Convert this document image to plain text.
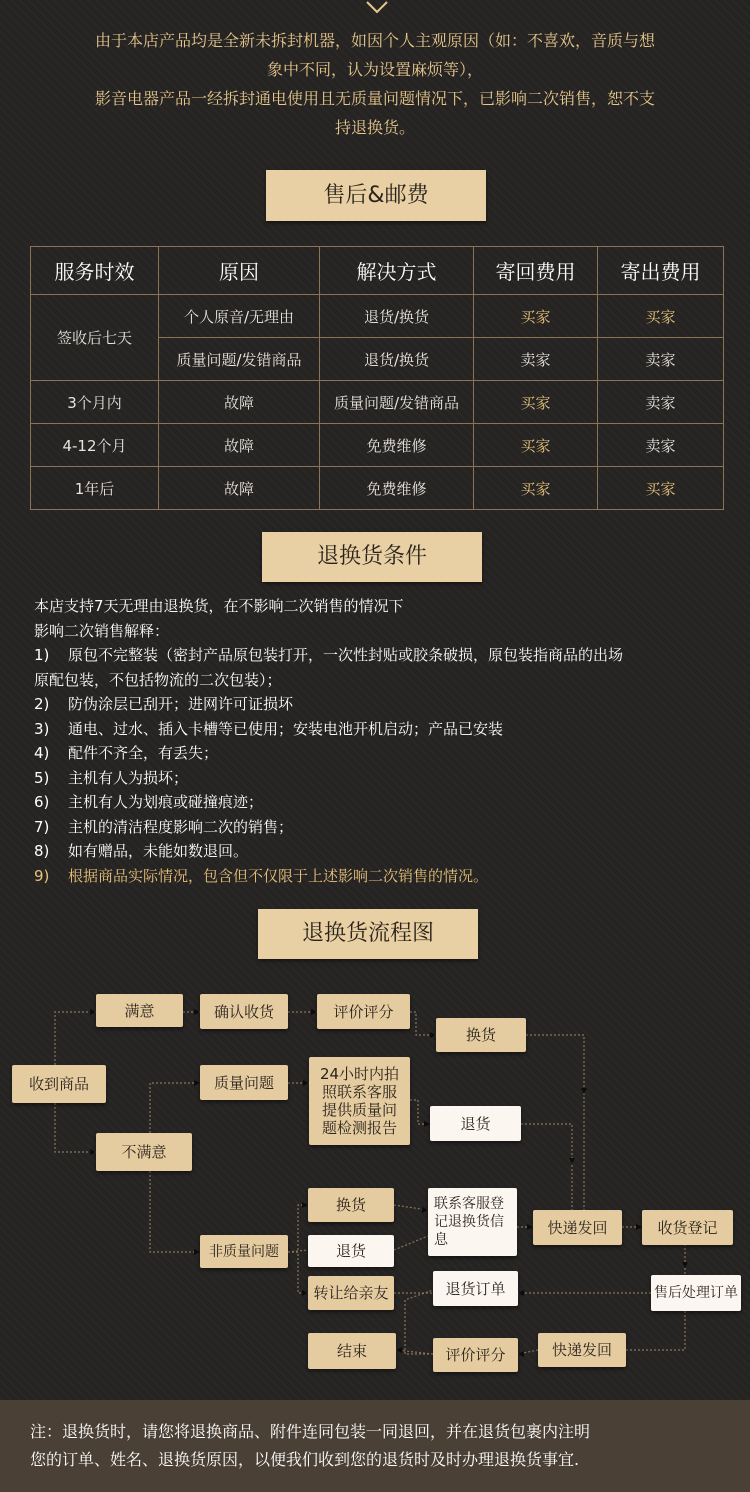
由于本店产品均是全新未拆封机器，如因个人主观原因（如：不喜欢，音质与想

象中不同，认为设置麻烦等），

影音电器产品一经拆封通电使用且无质量问题情况下，已影响二次销售，恕不支

持退换货。

售后&邮费
服务时效	原因	解决方式	寄回费用	寄出费用
签收后七天	个人原音/无理由	退货/换货	买家	买家
	质量问题/发错商品	退货/换货	卖家	卖家
3个月内	故障	质量问题/发错商品	买家	卖家
4-12个月	故障	免费维修	买家	卖家
1年后	故障	免费维修	买家	买家
退换货条件
本店支持7天无理由退换货，在不影响二次销售的情况下
影响二次销售解释：
1)	原包不完整装（密封产品原包装打开，一次性封贴或胶条破损，原包装指商品的出场
原配包装，不包括物流的二次包装）；
2)	防伪涂层已刮开；进网许可证损坏
3)	通电、过水、插入卡槽等已使用；安装电池开机启动；产品已安装
4)	配件不齐全，有丢失；
5)	主机有人为损坏；
6)	主机有人为划痕或碰撞痕迹；
7)	主机的清洁程度影响二次的销售；
8)	如有赠品，未能如数退回。
9)	根据商品实际情况，包含但不仅限于上述影响二次销售的情况。
退换货流程图
收到商品
满意	确认收货	评价评分
换货
质量问题	24小时内拍照联系客服提供质量问题检测报告	退货
不满意
换货	联系客服登记退换货信息
快递发回	收货登记
非质量问题	退货
转让给亲友	退货订单	售后处理订单
结束	评价评分	快递发回
注：退换货时，请您将退换商品、附件连同包装一同退回，并在退货包裹内注明
您的订单、姓名、退换货原因，以便我们收到您的退货时及时办理退换货事宜.
